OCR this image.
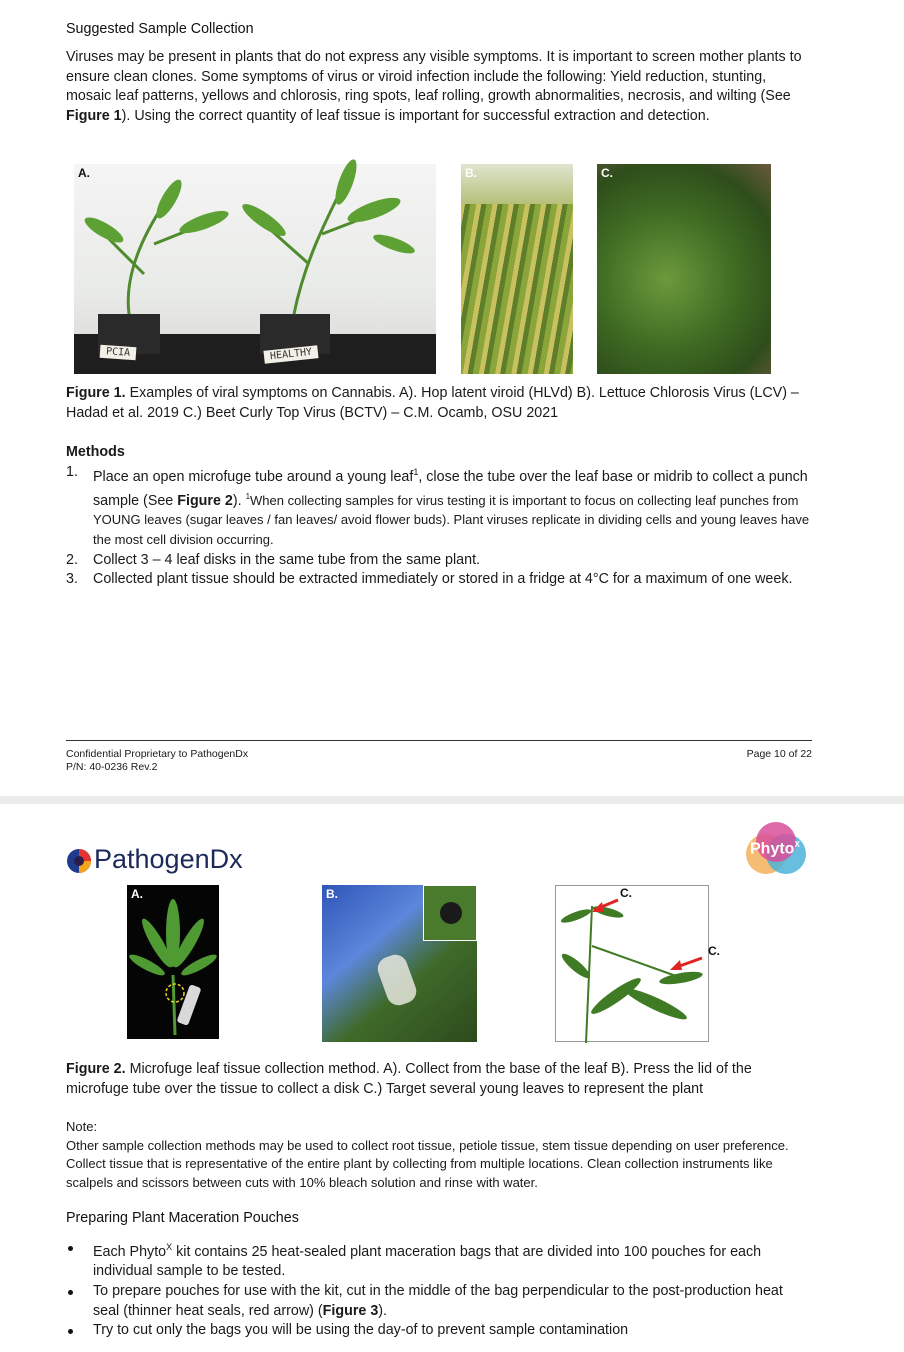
Suggested Sample Collection

Viruses may be present in plants that do not express any visible symptoms. It is important to screen mother plants to ensure clean clones. Some symptoms of virus or viroid infection include the following: Yield reduction, stunting, mosaic leaf patterns, yellows and chlorosis, ring spots, leaf rolling, growth abnormalities, necrosis, and wilting (See Figure 1). Using the correct quantity of leaf tissue is important for successful extraction and detection.

A.
PCIA	HEALTHY
B.	C.

Figure 1. Examples of viral symptoms on Cannabis. A). Hop latent viroid (HLVd) B). Lettuce Chlorosis Virus (LCV) – Hadad et al. 2019 C.) Beet Curly Top Virus (BCTV) – C.M. Ocamb, OSU 2021

Methods
1. Place an open microfuge tube around a young leaf$^1$, close the tube over the leaf base or midrib to collect a punch sample (See Figure 2). $^1$When collecting samples for virus testing it is important to focus on collecting leaf punches from YOUNG leaves (sugar leaves / fan leaves/ avoid flower buds). Plant viruses replicate in dividing cells and young leaves have the most cell division occurring.
2. Collect 3 – 4 leaf disks in the same tube from the same plant.
3. Collected plant tissue should be extracted immediately or stored in a fridge at 4°C for a maximum of one week.
Confidential Proprietary to PathogenDx
P/N: 40-0236 Rev.2
Page 10 of 22
PathogenDx	Phyto$^X$
A.	B.	C.
C.

Figure 2. Microfuge leaf tissue collection method. A). Collect from the base of the leaf B). Press the lid of the microfuge tube over the tissue to collect a disk C.) Target several young leaves to represent the plant

Note:
Other sample collection methods may be used to collect root tissue, petiole tissue, stem tissue depending on user preference. Collect tissue that is representative of the entire plant by collecting from multiple locations. Clean collection instruments like scalpels and scissors between cuts with 10% bleach solution and rinse with water.
Preparing Plant Maceration Pouches
Each Phyto$^X$ kit contains 25 heat-sealed plant maceration bags that are divided into 100 pouches for each individual sample to be tested.
To prepare pouches for use with the kit, cut in the middle of the bag perpendicular to the post-production heat seal (thinner heat seals, red arrow) (Figure 3).
Try to cut only the bags you will be using the day-of to prevent sample contamination
